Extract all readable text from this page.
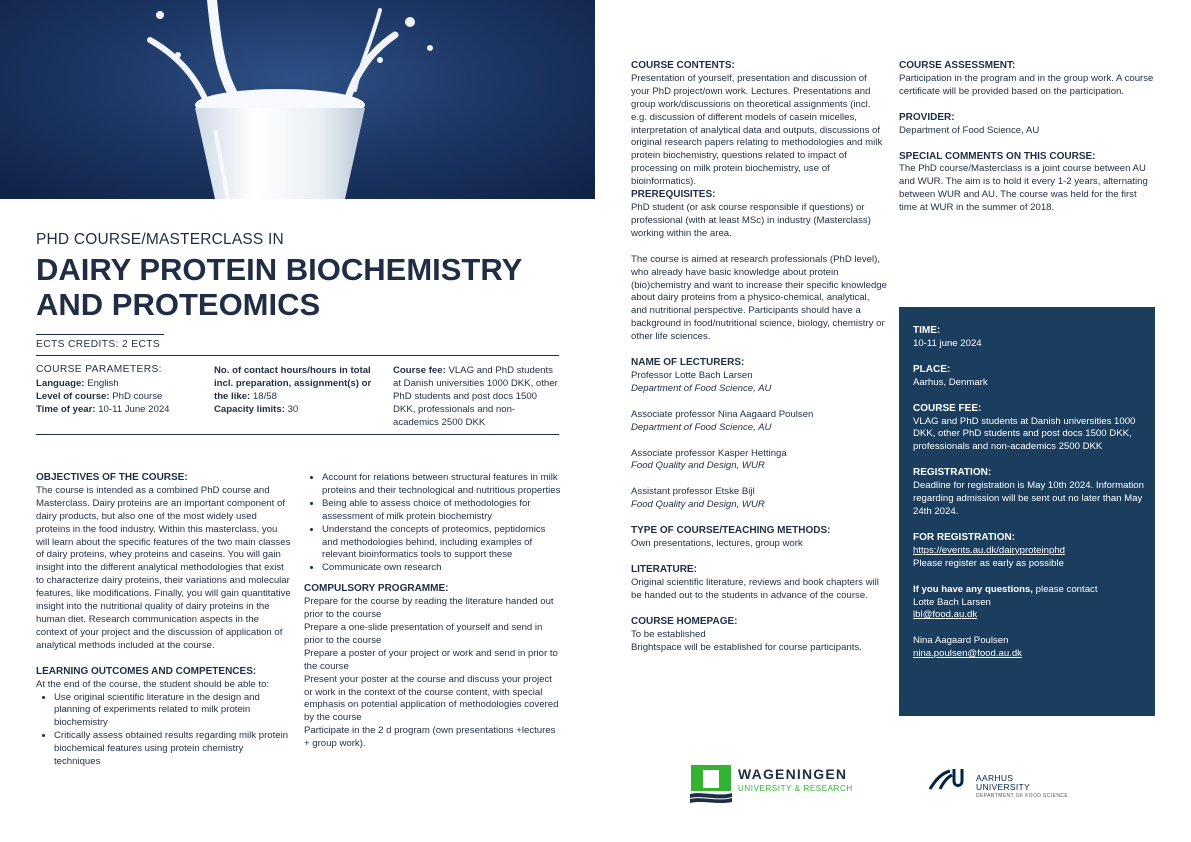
PHD COURSE/MASTERCLASS IN
DAIRY PROTEIN BIOCHEMISTRY
AND PROTEOMICS
ECTS CREDITS: 2 ECTS
COURSE PARAMETERS:

Language: English

Level of course: PhD course

Time of year: 10-11 June 2024

No. of contact hours/hours in total incl. preparation, assignment(s) or the like: 18/58

Capacity limits: 30

Course fee: VLAG and PhD students at Danish universities 1000 DKK, other PhD students and post docs 1500 DKK, professionals and non-academics 2500 DKK

OBJECTIVES OF THE COURSE:

The course is intended as a combined PhD course and Masterclass. Dairy proteins are an important component of dairy products, but also one of the most widely used proteins in the food industry. Within this masterclass, you will learn about the specific features of the two main classes of dairy proteins, whey proteins and caseins. You will gain insight into the different analytical methodologies that exist to characterize dairy proteins, their variations and molecular features, like modifications. Finally, you will gain quantitative insight into the nutritional quality of dairy proteins in the human diet. Research communication aspects in the context of your project and the discussion of application of analytical methods included at the course.

LEARNING OUTCOMES AND COMPETENCES:

At the end of the course, the student should be able to:

• Use original scientific literature in the design and planning of experiments related to milk protein biochemistry
• Critically assess obtained results regarding milk protein biochemical features using protein chemistry techniques
• Account for relations between structural features in milk proteins and their technological and nutritious properties
• Being able to assess choice of methodologies for assessment of milk protein biochemistry
• Understand the concepts of proteomics, peptidomics and methodologies behind, including examples of relevant bioinformatics tools to support these
• Communicate own research

COMPULSORY PROGRAMME:

Prepare for the course by reading the literature handed out prior to the course
Prepare a one-slide presentation of yourself and send in prior to the course
Prepare a poster of your project or work and send in prior to the course
Present your poster at the course and discuss your project or work in the context of the course content, with special emphasis on potential application of methodologies covered by the course
Participate in the 2 d program (own presentations +lectures + group work).

COURSE CONTENTS:

Presentation of yourself, presentation and discussion of your PhD project/own work. Lectures. Presentations and group work/discussions on theoretical assignments (incl. e.g. discussion of different models of casein micelles, interpretation of analytical data and outputs, discussions of original research papers relating to methodologies and milk protein biochemistry, questions related to impact of processing on milk protein biochemistry, use of bioinformatics).

PREREQUISITES:

PhD student (or ask course responsible if questions) or professional (with at least MSc) in industry (Masterclass) working within the area.

The course is aimed at research professionals (PhD level), who already have basic knowledge about protein (bio)chemistry and want to increase their specific knowledge about dairy proteins from a physico-chemical, analytical, and nutritional perspective. Participants should have a background in food/nutritional science, biology, chemistry or other life sciences.

NAME OF LECTURERS:

Professor Lotte Bach Larsen

Department of Food Science, AU

Associate professor Nina Aagaard Poulsen

Department of Food Science, AU

Associate professor Kasper Hettinga

Food Quality and Design, WUR

Assistant professor Etske Bijl

Food Quality and Design, WUR

TYPE OF COURSE/TEACHING METHODS:

Own presentations, lectures, group work

LITERATURE:

Original scientific literature, reviews and book chapters will be handed out to the students in advance of the course.

COURSE HOMEPAGE:

To be established

Brightspace will be established for course participants.

COURSE ASSESSMENT:

Participation in the program and in the group work. A course certificate will be provided based on the participation.

PROVIDER:

Department of Food Science, AU

SPECIAL COMMENTS ON THIS COURSE:

The PhD course/Masterclass is a joint course between AU and WUR. The aim is to hold it every 1-2 years, alternating between WUR and AU. The course was held for the first time at WUR in the summer of 2018.

TIME:

10-11 june 2024

PLACE:

Aarhus, Denmark

COURSE FEE:

VLAG and PhD students at Danish universities 1000 DKK, other PhD students and post docs 1500 DKK, professionals and non-academics 2500 DKK

REGISTRATION:

Deadline for registration is May 10th 2024. Information regarding admission will be sent out no later than May 24th 2024.

FOR REGISTRATION:

https://events.au.dk/dairyproteinphd

Please register as early as possible

If you have any questions, please contact

Lotte Bach Larsen

lbl@food.au.dk

Nina Aagaard Poulsen

nina.poulsen@food.au.dk

WAGENINGEN
UNIVERSITY & RESEARCH
AARHUS
UNIVERSITY
DEPARTMENT OF FOOD SCIENCE
